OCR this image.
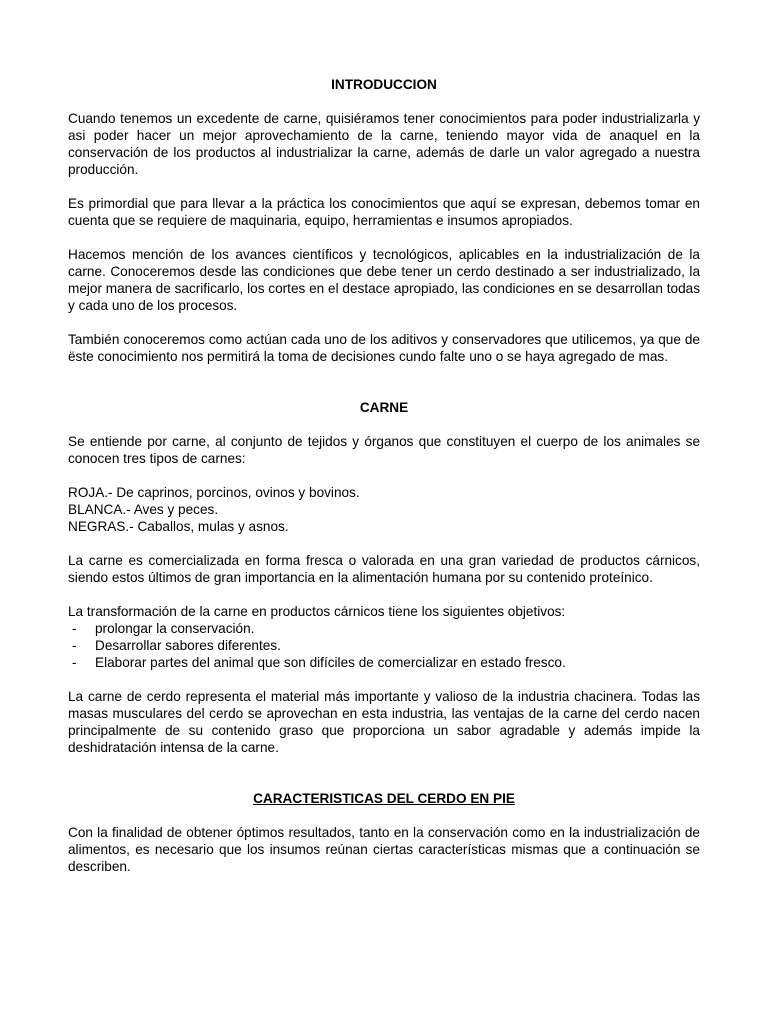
INTRODUCCION

Cuando tenemos un excedente de carne, quisiéramos tener conocimientos para poder industrializarla y asi poder hacer un mejor aprovechamiento de la carne, teniendo mayor vida de anaquel en la conservación de los productos al industrializar la carne, además de darle un valor agregado a nuestra producción.

Es primordial que para llevar a la práctica los conocimientos que aquí se expresan, debemos tomar en cuenta que se requiere de maquinaria, equipo, herramientas e insumos apropiados.

Hacemos mención de los avances científicos y tecnológicos, aplicables en la industrialización de la carne. Conoceremos desde las condiciones que debe tener un cerdo destinado a ser industrializado, la mejor manera de sacrificarlo, los cortes en el destace apropiado, las condiciones en se desarrollan todas y cada uno de los procesos.

También conoceremos como actúan cada uno de los aditivos y conservadores que utilicemos, ya que de ëste conocimiento nos permitirá la toma de decisiones cundo falte uno o se haya agregado de mas.

CARNE

Se entiende por carne, al conjunto de tejidos y órganos que constituyen el cuerpo de los animales se conocen tres tipos de carnes:

ROJA.- De caprinos, porcinos, ovinos y bovinos.
BLANCA.- Aves y peces.
NEGRAS.- Caballos, mulas y asnos.

La carne es comercializada en forma fresca o valorada en una gran variedad de productos cárnicos, siendo estos últimos de gran importancia en la alimentación humana por su contenido proteínico.

La transformación de la carne en productos cárnicos tiene los siguientes objetivos:

- prolongar la conservación.
- Desarrollar sabores diferentes.
- Elaborar partes del animal que son difíciles de comercializar en estado fresco.

La carne de cerdo representa el material más importante y valioso de la industria chacinera. Todas las masas musculares del cerdo se aprovechan en esta industria, las ventajas de la carne del cerdo nacen principalmente de su contenido graso que proporciona un sabor agradable y además impide la deshidratación intensa de la carne.

CARACTERISTICAS DEL CERDO EN PIE

Con la finalidad de obtener óptimos resultados, tanto en la conservación como en la industrialización de alimentos, es necesario que los insumos reúnan ciertas características mismas que a continuación se describen.
